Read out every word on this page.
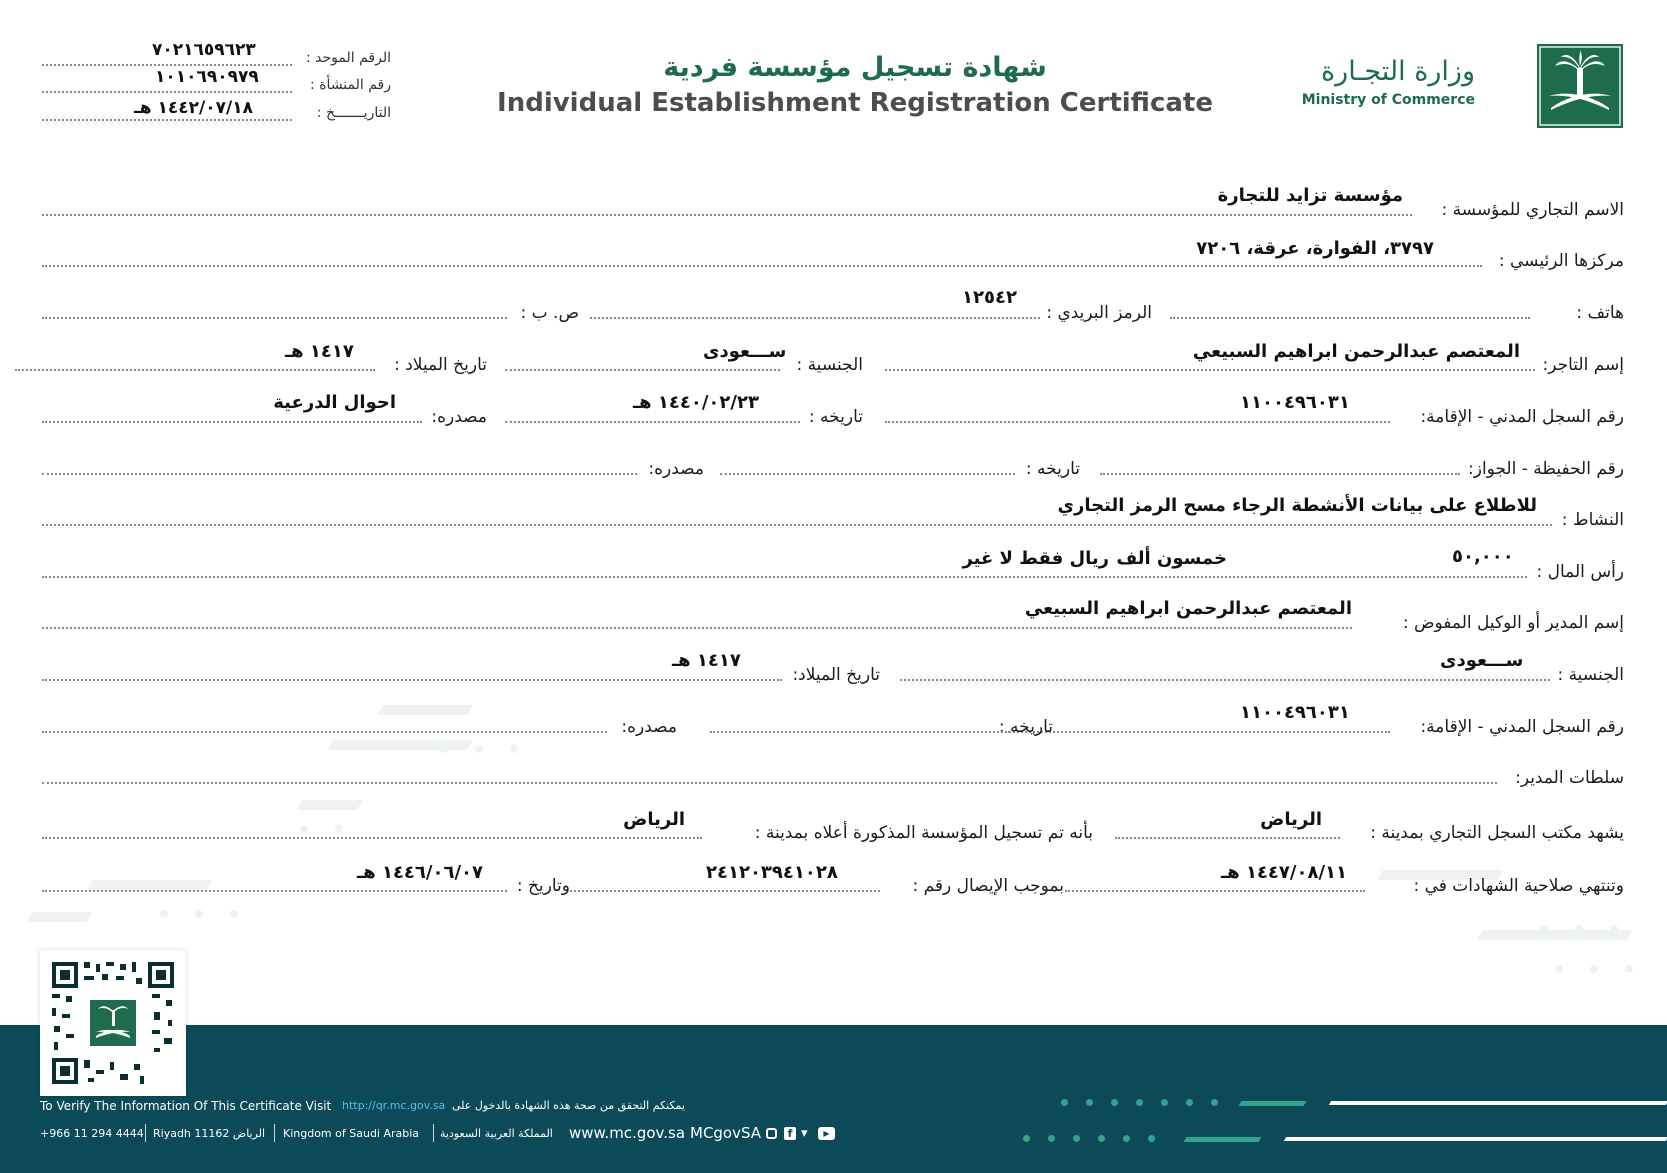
وزارة التجـارة
Ministry of Commerce
شهادة تسجيل مؤسسة فردية
Individual Establishment Registration Certificate
الرقم الموحد :
٧٠٢١٦٥٩٦٢٣
رقم المنشأة :
١٠١٠٦٩٠٩٧٩
التاريـــــــخ :
١٤٤٢/٠٧/١٨ هـ
الاسم التجاري للمؤسسة :
مؤسسة تزايد للتجارة
مركزها الرئيسي :
٣٧٩٧، الفوارة، عرقة، ٧٢٠٦
هاتف :
الرمز البريدي :
١٢٥٤٢
ص. ب :
إسم التاجر:
المعتصم عبدالرحمن ابراهيم السبيعي
الجنسية :
ســـعودى
تاريخ الميلاد :
١٤١٧ هـ
رقم السجل المدني - الإقامة:
١١٠٠٤٩٦٠٣١
تاريخه :
١٤٤٠/٠٢/٢٣ هـ
مصدره:
احوال الدرعية
رقم الحفيظة - الجواز:
تاريخه :
مصدره:
النشاط :
للاطلاع على بيانات الأنشطة الرجاء مسح الرمز التجاري
رأس المال :
٥٠,٠٠٠
خمسون ألف
ريال فقط لا غير
إسم المدير أو الوكيل المفوض :
المعتصم عبدالرحمن ابراهيم السبيعي
الجنسية :
ســـعودى
تاريخ الميلاد:
١٤١٧ هـ
رقم السجل المدني - الإقامة:
١١٠٠٤٩٦٠٣١
تاريخه :
مصدره:
سلطات المدير:
يشهد مكتب السجل التجاري بمدينة :
الرياض
بأنه تم تسجيل المؤسسة المذكورة أعلاه بمدينة :
الرياض
وتنتهي صلاحية الشهادات في :
١٤٤٧/٠٨/١١ هـ
بموجب الإيصال رقم :
٢٤١٢٠٣٩٤١٠٢٨
وتاريخ :
١٤٤٦/٠٦/٠٧ هـ
To Verify The Information Of This Certificate Visit http://qr.mc.gov.sa يمكنكم التحقق من صحة هذه الشهادة بالدخول على
+966 11 294 4444 Riyadh 11162 الرياض Kingdom of Saudi Arabia المملكة العربية السعودية www.mc.gov.sa MCgovSA	f ▾	▶
